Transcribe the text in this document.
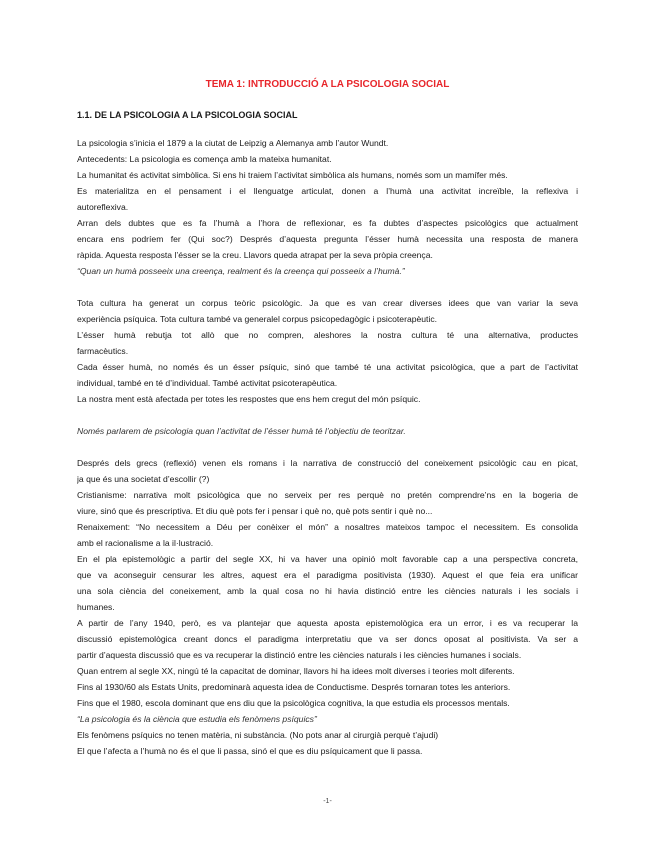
TEMA 1: INTRODUCCIÓ A LA PSICOLOGIA SOCIAL
1.1. DE LA PSICOLOGIA A LA PSICOLOGIA SOCIAL
La psicologia s’inicia el 1879 a la ciutat de Leipzig a Alemanya amb l’autor Wundt.
Antecedents: La psicologia es comença amb la mateixa humanitat.
La humanitat és activitat simbòlica. Si ens hi traiem l’activitat simbòlica als humans, només som un mamífer més.
Es materialitza en el pensament i el llenguatge articulat, donen a l’humà una activitat increïble, la reflexiva i
autoreflexiva.
Arran dels dubtes que es fa l’humà a l’hora de reflexionar, es fa dubtes d’aspectes psicològics que actualment
encara ens podríem fer (Qui soc?) Després d’aquesta pregunta l’ésser humà necessita una resposta de manera
ràpida. Aquesta resposta l’ésser se la creu. Llavors queda atrapat per la seva pròpia creença.
“Quan un humà posseeix una creença, realment és la creença qui posseeix a l’humà.”
Tota cultura ha generat un corpus teòric psicològic. Ja que es van crear diverses idees que van variar la seva
experiència psíquica. Tota cultura també va generalel corpus psicopedagògic i psicoterapèutic.
L’ésser humà rebutja tot allò que no compren, aleshores la nostra cultura té una alternativa, productes
farmacèutics.
Cada ésser humà, no només és un ésser psíquic, sinó que també té una activitat psicològica, que a part de l’activitat
individual, també en té d’individual. També activitat psicoterapèutica.
La nostra ment està afectada per totes les respostes que ens hem cregut del món psíquic.
Només parlarem de psicologia quan l’activitat de l’ésser humà té l’objectiu de teoritzar.
Després dels grecs (reflexió) venen els romans i la narrativa de construcció del coneixement psicològic cau en picat,
ja que és una societat d’escollir (?)
Cristianisme: narrativa molt psicològica que no serveix per res perquè no pretén comprendre’ns en la bogeria de
viure, sinó que és prescriptiva. Et diu què pots fer i pensar i què no, què pots sentir i què no...
Renaixement: “No necessitem a Déu per conèixer el món” a nosaltres mateixos tampoc el necessitem. Es consolida
amb el racionalisme a la il·lustració.
En el pla epistemològic a partir del segle XX, hi va haver una opinió molt favorable cap a una perspectiva concreta,
que va aconseguir censurar les altres, aquest era el paradigma positivista (1930). Aquest el que feia era unificar
una sola ciència del coneixement, amb la qual cosa no hi havia distinció entre les ciències naturals i les socials i
humanes.
A partir de l’any 1940, però, es va plantejar que aquesta aposta epistemològica era un error, i es va recuperar la
discussió epistemològica creant doncs el paradigma interpretatiu que va ser doncs oposat al positivista. Va ser a
partir d’aquesta discussió que es va recuperar la distinció entre les ciències naturals i les ciències humanes i socials.
Quan entrem al segle XX, ningú té la capacitat de dominar, llavors hi ha idees molt diverses i teories molt diferents.
Fins al 1930/60 als Estats Units, predominarà aquesta idea de Conductisme. Després tornaran totes les anteriors.
Fins que el 1980, escola dominant que ens diu que la psicològica cognitiva, la que estudia els processos mentals.
“La psicologia és la ciència que estudia els fenòmens psíquics”
Els fenòmens psíquics no tenen matèria, ni substància. (No pots anar al cirurgià perquè t’ajudi)
El que l’afecta a l’humà no és el que li passa, sinó el que es diu psíquicament que li passa.
-1-
